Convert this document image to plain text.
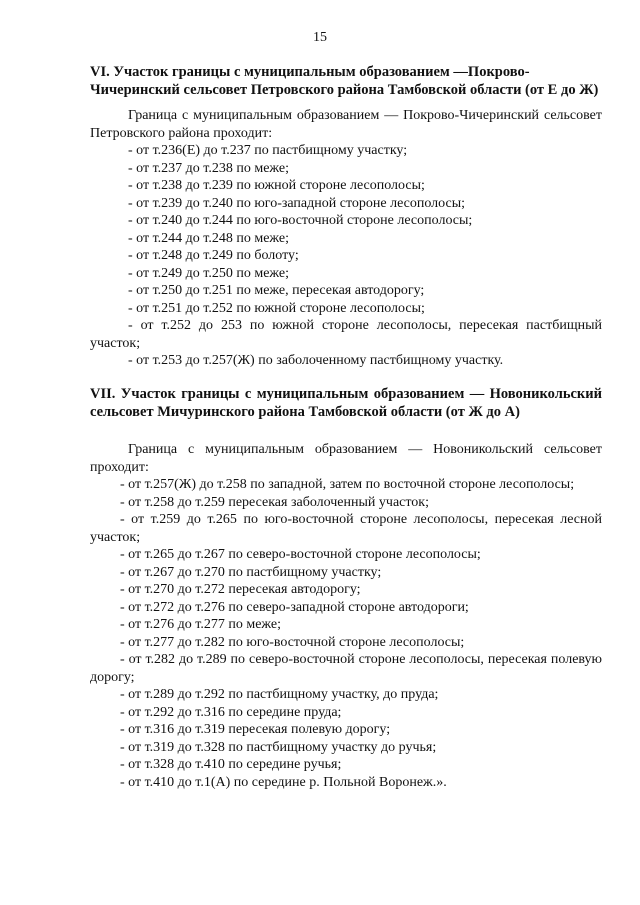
15

VI. Участок границы с муниципальным образованием —Покрово-Чичеринский сельсовет Петровского района Тамбовской области (от Е до Ж)

Граница с муниципальным образованием — Покрово-Чичеринский сельсовет Петровского района проходит:

- от т.236(Е) до т.237 по пастбищному участку;
- от т.237 до т.238 по меже;
- от т.238 до т.239 по южной стороне лесополосы;
- от т.239 до т.240 по юго-западной стороне лесополосы;
- от т.240 до т.244 по юго-восточной стороне лесополосы;
- от т.244 до т.248 по меже;
- от т.248 до т.249 по болоту;
- от т.249 до т.250 по меже;
- от т.250 до т.251 по меже, пересекая автодорогу;
- от т.251 до т.252 по южной стороне лесополосы;
- от т.252 до 253 по южной стороне лесополосы, пересекая пастбищный участок;
- от т.253 до т.257(Ж) по заболоченному пастбищному участку.

VII. Участок границы с муниципальным образованием — Новоникольский сельсовет Мичуринского района Тамбовской области (от Ж до А)

Граница с муниципальным образованием — Новоникольский сельсовет проходит:

- от т.257(Ж) до т.258 по западной, затем по восточной стороне лесополосы;
- от т.258 до т.259 пересекая заболоченный участок;
- от т.259 до т.265 по юго-восточной стороне лесополосы, пересекая лесной участок;
- от т.265 до т.267 по северо-восточной стороне лесополосы;
- от т.267 до т.270 по пастбищному участку;
- от т.270 до т.272 пересекая автодорогу;
- от т.272 до т.276 по северо-западной стороне автодороги;
- от т.276 до т.277 по меже;
- от т.277 до т.282 по юго-восточной стороне лесополосы;
- от т.282 до т.289 по северо-восточной стороне лесополосы, пересекая полевую дорогу;
- от т.289 до т.292 по пастбищному участку, до пруда;
- от т.292 до т.316 по середине пруда;
- от т.316 до т.319 пересекая полевую дорогу;
- от т.319 до т.328 по пастбищному участку до ручья;
- от т.328 до т.410 по середине ручья;
- от т.410 до т.1(А) по середине р. Польной Воронеж.».
